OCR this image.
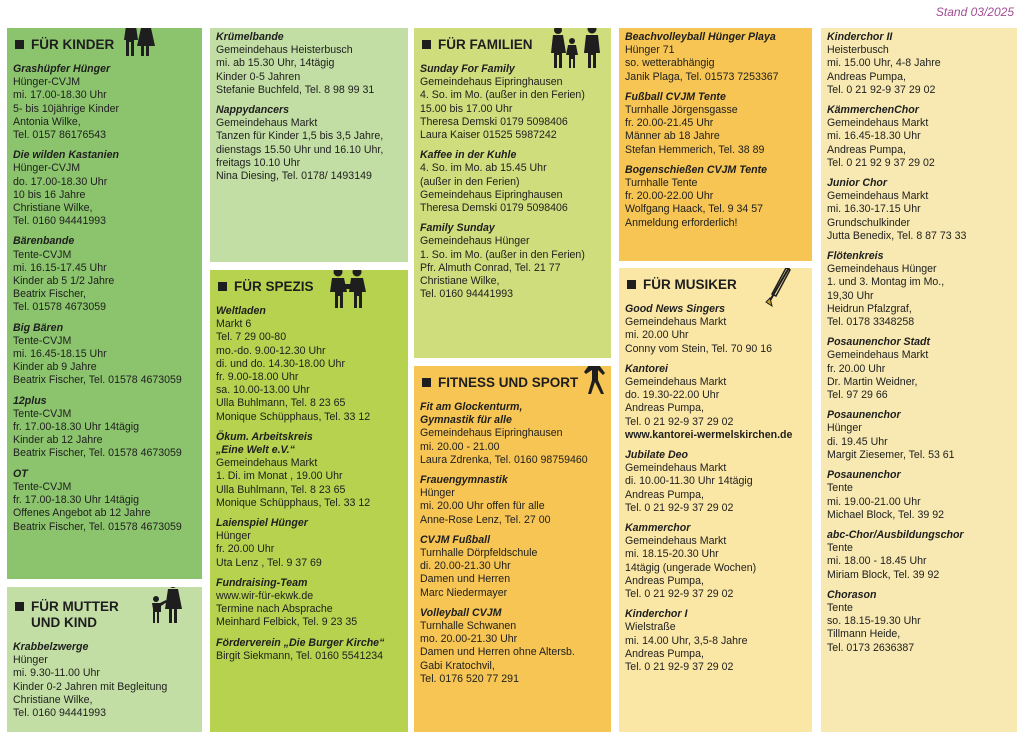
Stand 03/2025
FÜR KINDER
Grashüpfer Hünger
Hünger-CVJM
mi. 17.00-18.30 Uhr
5- bis 10jährige Kinder
Antonia Wilke,
Tel. 0157 86176543
Die wilden Kastanien
Hünger-CVJM
do. 17.00-18.30 Uhr
10 bis 16 Jahre
Christiane Wilke,
Tel. 0160 94441993
Bärenbande
Tente-CVJM
mi. 16.15-17.45 Uhr
Kinder ab 5 1/2 Jahre
Beatrix Fischer,
Tel. 01578 4673059
Big Bären
Tente-CVJM
mi. 16.45-18.15 Uhr
Kinder ab 9 Jahre
Beatrix Fischer, Tel. 01578 4673059
12plus
Tente-CVJM
fr. 17.00-18.30 Uhr 14tägig
Kinder ab 12 Jahre
Beatrix Fischer, Tel. 01578 4673059
OT
Tente-CVJM
fr. 17.00-18.30 Uhr 14tägig
Offenes Angebot ab 12 Jahre
Beatrix Fischer, Tel. 01578 4673059
FÜR MUTTER
UND KIND
Krabbelzwerge
Hünger
mi. 9.30-11.00 Uhr
Kinder 0-2 Jahren mit Begleitung
Christiane Wilke,
Tel. 0160 94441993
Krümelbande
Gemeindehaus Heisterbusch
mi. ab 15.30 Uhr, 14tägig
Kinder 0-5 Jahren
Stefanie Buchfeld, Tel. 8 98 99 31
Nappydancers
Gemeindehaus Markt
Tanzen für Kinder 1,5 bis 3,5 Jahre,
dienstags 15.50 Uhr und 16.10 Uhr,
freitags 10.10 Uhr
Nina Diesing, Tel. 0178/ 1493149
FÜR SPEZIS
Weltladen
Markt 6
Tel. 7 29 00-80
mo.-do. 9.00-12.30 Uhr
di. und do. 14.30-18.00 Uhr
fr. 9.00-18.00 Uhr
sa. 10.00-13.00 Uhr
Ulla Buhlmann, Tel. 8 23 65
Monique Schüpphaus, Tel. 33 12
Ökum. Arbeitskreis
„Eine Welt e.V.“
Gemeindehaus Markt
1. Di. im Monat , 19.00 Uhr
Ulla Buhlmann, Tel. 8 23 65
Monique Schüpphaus, Tel. 33 12
Laienspiel Hünger
Hünger
fr. 20.00 Uhr
Uta Lenz , Tel. 9 37 69
Fundraising-Team
www.wir-für-ekwk.de
Termine nach Absprache
Meinhard Felbick, Tel. 9 23 35
Förderverein „Die Burger Kirche“
Birgit Siekmann, Tel. 0160 5541234
FÜR FAMILIEN
Sunday For Family
Gemeindehaus Eipringhausen
4. So. im Mo. (außer in den Ferien)
15.00 bis 17.00 Uhr
Theresa Demski 0179 5098406
Laura Kaiser 01525 5987242
Kaffee in der Kuhle
4. So. im Mo. ab 15.45 Uhr
(außer in den Ferien)
Gemeindehaus Eipringhausen
Theresa Demski 0179 5098406
Family Sunday
Gemeindehaus Hünger
1. So. im Mo. (außer in den Ferien)
Pfr. Almuth Conrad, Tel. 21 77
Christiane Wilke,
Tel. 0160 94441993
FITNESS UND SPORT
Fit am Glockenturm,
Gymnastik für alle
Gemeindehaus Eipringhausen
mi. 20.00 - 21.00
Laura Zdrenka, Tel. 0160 98759460
Frauengymnastik
Hünger
mi. 20.00 Uhr offen für alle
Anne-Rose Lenz, Tel. 27 00
CVJM Fußball
Turnhalle Dörpfeldschule
di. 20.00-21.30 Uhr
Damen und Herren
Marc Niedermayer
Volleyball CVJM
Turnhalle Schwanen
mo. 20.00-21.30 Uhr
Damen und Herren ohne Altersb.
Gabi Kratochvil,
Tel. 0176 520 77 291
Beachvolleyball Hünger Playa
Hünger 71
so. wetterabhängig
Janik Plaga, Tel. 01573 7253367
Fußball CVJM Tente
Turnhalle Jörgensgasse
fr. 20.00-21.45 Uhr
Männer ab 18 Jahre
Stefan Hemmerich, Tel. 38 89
Bogenschießen CVJM Tente
Turnhalle Tente
fr. 20.00-22.00 Uhr
Wolfgang Haack, Tel. 9 34 57
Anmeldung erforderlich!
FÜR MUSIKER
Good News Singers
Gemeindehaus Markt
mi. 20.00 Uhr
Conny vom Stein, Tel. 70 90 16
Kantorei
Gemeindehaus Markt
do. 19.30-22.00 Uhr
Andreas Pumpa,
Tel. 0 21 92-9 37 29 02
www.kantorei-wermelskirchen.de
Jubilate Deo
Gemeindehaus Markt
di. 10.00-11.30 Uhr 14tägig
Andreas Pumpa,
Tel. 0 21 92-9 37 29 02
Kammerchor
Gemeindehaus Markt
mi. 18.15-20.30 Uhr
14tägig (ungerade Wochen)
Andreas Pumpa,
Tel. 0 21 92-9 37 29 02
Kinderchor I
Wielstraße
mi. 14.00 Uhr, 3,5-8 Jahre
Andreas Pumpa,
Tel. 0 21 92-9 37 29 02
Kinderchor II
Heisterbusch
mi. 15.00 Uhr, 4-8 Jahre
Andreas Pumpa,
Tel. 0 21 92-9 37 29 02
KämmerchenChor
Gemeindehaus Markt
mi. 16.45-18.30 Uhr
Andreas Pumpa,
Tel. 0 21 92 9 37 29 02
Junior Chor
Gemeindehaus Markt
mi. 16.30-17.15 Uhr
Grundschulkinder
Jutta Benedix, Tel. 8 87 73 33
Flötenkreis
Gemeindehaus Hünger
1. und 3. Montag im Mo.,
19,30 Uhr
Heidrun Pfalzgraf,
Tel. 0178 3348258
Posaunenchor Stadt
Gemeindehaus Markt
fr. 20.00 Uhr
Dr. Martin Weidner,
Tel. 97 29 66
Posaunenchor
Hünger
di. 19.45 Uhr
Margit Ziesemer, Tel. 53 61
Posaunenchor
Tente
mi. 19.00-21.00 Uhr
Michael Block, Tel. 39 92
abc-Chor/Ausbildungschor
Tente
mi. 18.00 - 18.45 Uhr
Miriam Block, Tel. 39 92
Chorason
Tente
so. 18.15-19.30 Uhr
Tillmann Heide,
Tel. 0173 2636387
